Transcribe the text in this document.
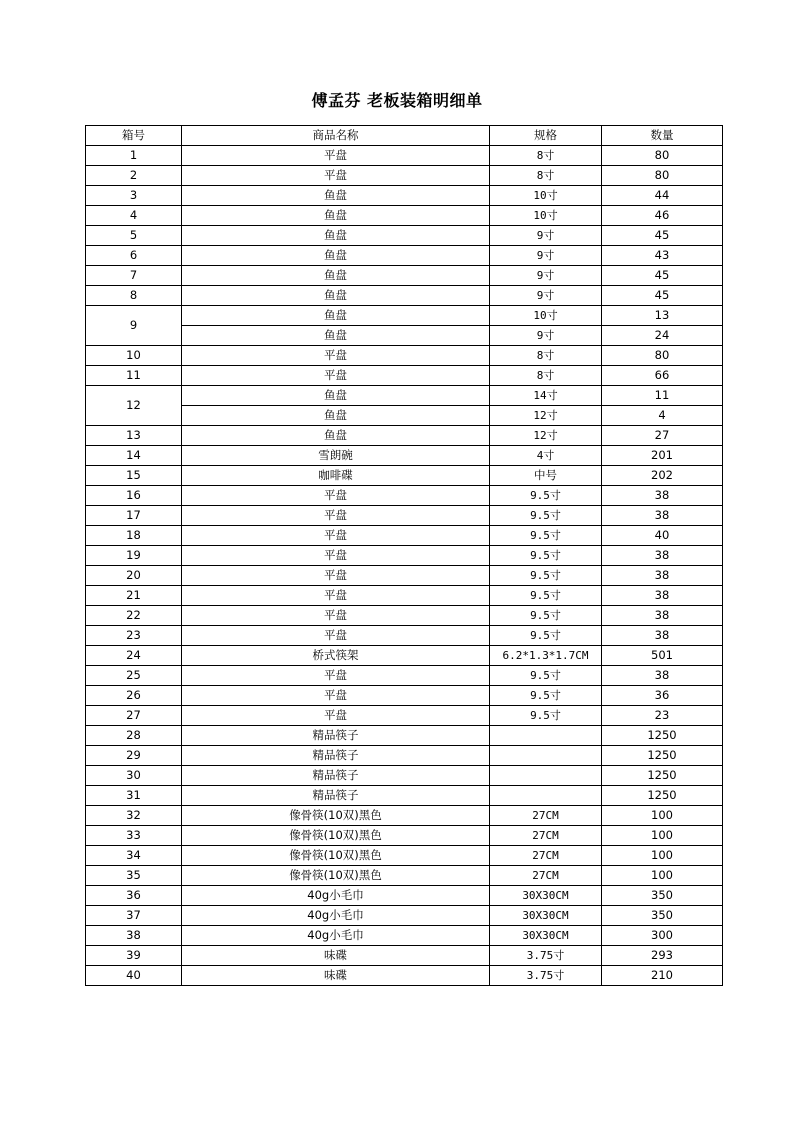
傅孟芬 老板装箱明细单
箱号	商品名称	规格	数量
1	平盘	8寸	80
2	平盘	8寸	80
3	鱼盘	10寸	44
4	鱼盘	10寸	46
5	鱼盘	9寸	45
6	鱼盘	9寸	43
7	鱼盘	9寸	45
8	鱼盘	9寸	45
9	鱼盘	10寸	13
	鱼盘	9寸	24
10	平盘	8寸	80
11	平盘	8寸	66
12	鱼盘	14寸	11
	鱼盘	12寸	4
13	鱼盘	12寸	27
14	雪朗碗	4寸	201
15	咖啡碟	中号	202
16	平盘	9.5寸	38
17	平盘	9.5寸	38
18	平盘	9.5寸	40
19	平盘	9.5寸	38
20	平盘	9.5寸	38
21	平盘	9.5寸	38
22	平盘	9.5寸	38
23	平盘	9.5寸	38
24	桥式筷架	6.2*1.3*1.7CM	501
25	平盘	9.5寸	38
26	平盘	9.5寸	36
27	平盘	9.5寸	23
28	精品筷子		1250
29	精品筷子		1250
30	精品筷子		1250
31	精品筷子		1250
32	像骨筷(10双)黑色	27CM	100
33	像骨筷(10双)黑色	27CM	100
34	像骨筷(10双)黑色	27CM	100
35	像骨筷(10双)黑色	27CM	100
36	40g小毛巾	30X30CM	350
37	40g小毛巾	30X30CM	350
38	40g小毛巾	30X30CM	300
39	味碟	3.75寸	293
40	味碟	3.75寸	210
